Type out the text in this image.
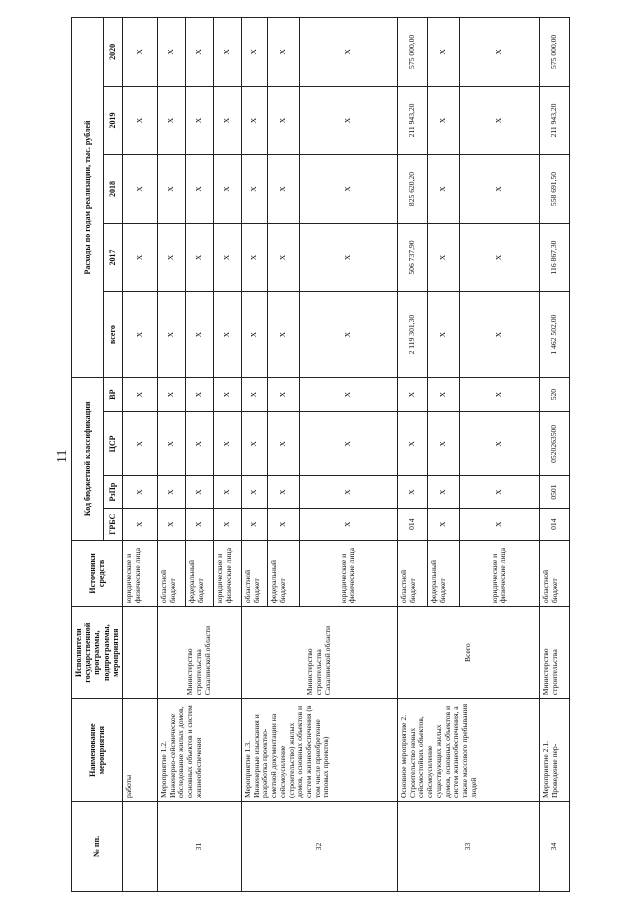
11
№ пп.	Наименование мероприятия	Исполнители государственной программы, подпрограммы, мероприятия	Источники средств	Код бюджетной классификации				Расходы по годам реализации, тыс. рублей				
				ГРБС	РзПр	ЦСР	ВР	всего	2017	2018	2019	2020
	работы		юридические и физические лица	X	X	X	X	X	X	X	X	X
31	Мероприятие 1.2. Инженерно-сейсмическое обследование жилых домов, основных объектов и систем жизнеобеспечения	Министерство строительства Сахалинской области	областной бюджет	X	X	X	X	X	X	X	X	X
			федеральный бюджет	X	X	X	X	X	X	X	X	X
			юридические и физические лица	X	X	X	X	X	X	X	X	X
32	Мероприятие 1.3. Инженерные изыскания и разработка проектно-сметной документации на сейсмоусиление (строительство) жилых домов, основных объектов и систем жизнеобеспечения (в том числе приобретение типовых проектов)	Министерство строительства Сахалинской области	областной бюджет	X	X	X	X	X	X	X	X	X
			федеральный бюджет	X	X	X	X	X	X	X	X	X
			юридические и физические лица	X	X	X	X	X	X	X	X	X
33	Основное мероприятие 2. Строительство новых сейсмостойких объектов, сейсмоусиление существующих жилых домов, основных объектов и систем жизнеобеспечения, а также массового пребывания людей	Всего	областной бюджет	014	X	X	X	2 119 301,30	506 737,90	825 620,20	211 943,20	575 000,00
			федеральный бюджет	X	X	X	X	X	X	X	X	X
			юридические и физические лица	X	X	X	X	X	X	X	X	X
34	Мероприятие 2.1. Проведение пер-	Министерство строительства	областной бюджет	014	0501	0520263500	520	1 462 502,00	116 867,30	558 691,50	211 943,20	575 000,00
